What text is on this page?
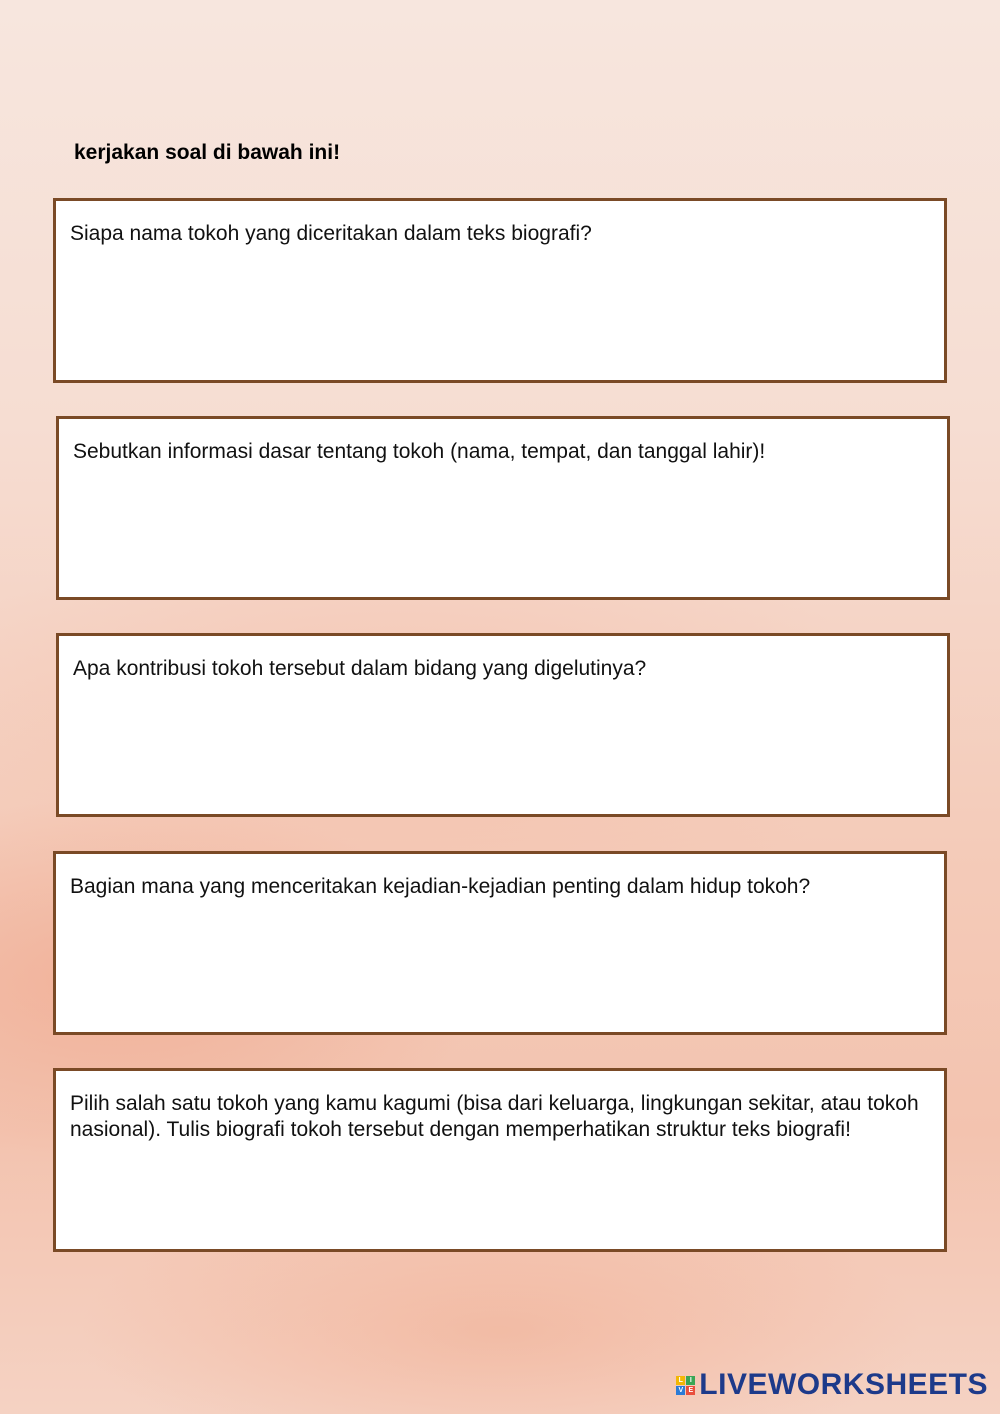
kerjakan soal di bawah ini!

Siapa nama tokoh yang diceritakan dalam teks biografi?

Sebutkan informasi dasar tentang tokoh (nama, tempat, dan tanggal lahir)!

Apa kontribusi tokoh tersebut dalam bidang yang digelutinya?

Bagian mana yang menceritakan kejadian-kejadian penting dalam hidup tokoh?

Pilih salah satu tokoh yang kamu kagumi (bisa dari keluarga, lingkungan sekitar, atau tokoh nasional). Tulis biografi tokoh tersebut dengan memperhatikan struktur teks biografi!

L I
V E LIVEWORKSHEETS
